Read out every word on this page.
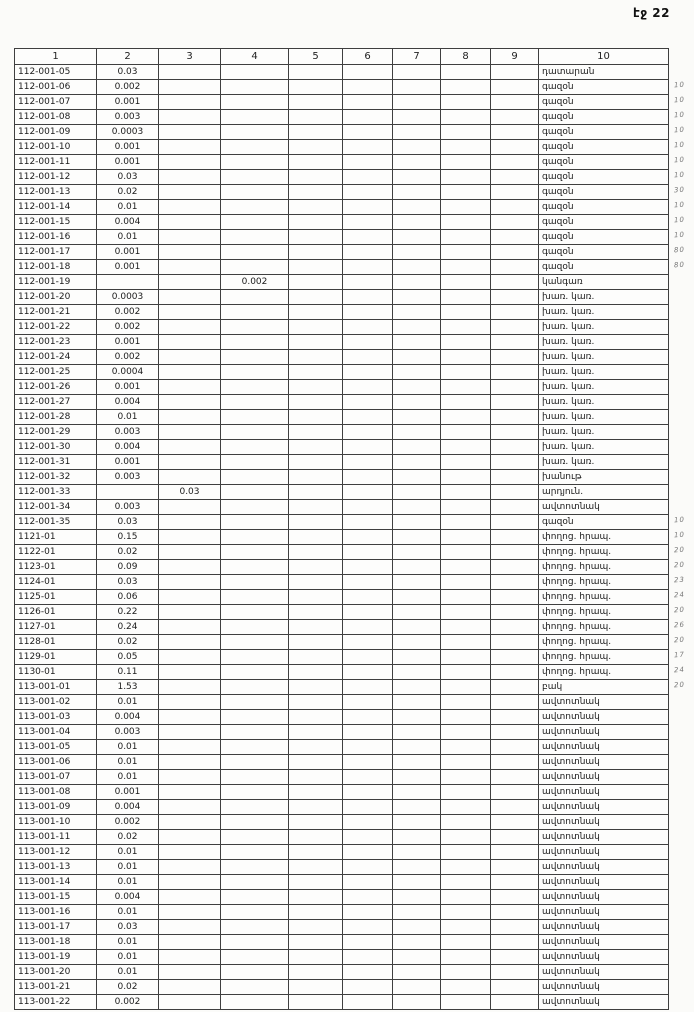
էջ 22
1	2	3	4	5	6	7	8	9	10
112-001-05	0.03								դատարան
112-001-06	0.002								գազօն
112-001-07	0.001								գազօն
112-001-08	0.003								գազօն
112-001-09	0.0003								գազօն
112-001-10	0.001								գազօն
112-001-11	0.001								գազօն
112-001-12	0.03								գազօն
112-001-13	0.02								գազօն
112-001-14	0.01								գազօն
112-001-15	0.004								գազօն
112-001-16	0.01								գազօն
112-001-17	0.001								գազօն
112-001-18	0.001								գազօն
112-001-19			0.002						կանգառ
112-001-20	0.0003								խառ. կառ.
112-001-21	0.002								խառ. կառ.
112-001-22	0.002								խառ. կառ.
112-001-23	0.001								խառ. կառ.
112-001-24	0.002								խառ. կառ.
112-001-25	0.0004								խառ. կառ.
112-001-26	0.001								խառ. կառ.
112-001-27	0.004								խառ. կառ.
112-001-28	0.01								խառ. կառ.
112-001-29	0.003								խառ. կառ.
112-001-30	0.004								խառ. կառ.
112-001-31	0.001								խառ. կառ.
112-001-32	0.003								խանութ
112-001-33		0.03							արդյուն.
112-001-34	0.003								ավտոտնակ
112-001-35	0.03								գազօն
1121-01	0.15								փողոց. հրապ.
1122-01	0.02								փողոց. հրապ.
1123-01	0.09								փողոց. հրապ.
1124-01	0.03								փողոց. հրապ.
1125-01	0.06								փողոց. հրապ.
1126-01	0.22								փողոց. հրապ.
1127-01	0.24								փողոց. հրապ.
1128-01	0.02								փողոց. հրապ.
1129-01	0.05								փողոց. հրապ.
1130-01	0.11								փողոց. հրապ.
113-001-01	1.53								բակ
113-001-02	0.01								ավտոտնակ
113-001-03	0.004								ավտոտնակ
113-001-04	0.003								ավտոտնակ
113-001-05	0.01								ավտոտնակ
113-001-06	0.01								ավտոտնակ
113-001-07	0.01								ավտոտնակ
113-001-08	0.001								ավտոտնակ
113-001-09	0.004								ավտոտնակ
113-001-10	0.002								ավտոտնակ
113-001-11	0.02								ավտոտնակ
113-001-12	0.01								ավտոտնակ
113-001-13	0.01								ավտոտնակ
113-001-14	0.01								ավտոտնակ
113-001-15	0.004								ավտոտնակ
113-001-16	0.01								ավտոտնակ
113-001-17	0.03								ավտոտնակ
113-001-18	0.01								ավտոտնակ
113-001-19	0.01								ավտոտնակ
113-001-20	0.01								ավտոտնակ
113-001-21	0.02								ավտոտնակ
113-001-22	0.002								ավտոտնակ
10
10
10
10
10
10
10
30
10
10
10
80
80
10
10
20
20
23
24
20
26
20
17
24
20
